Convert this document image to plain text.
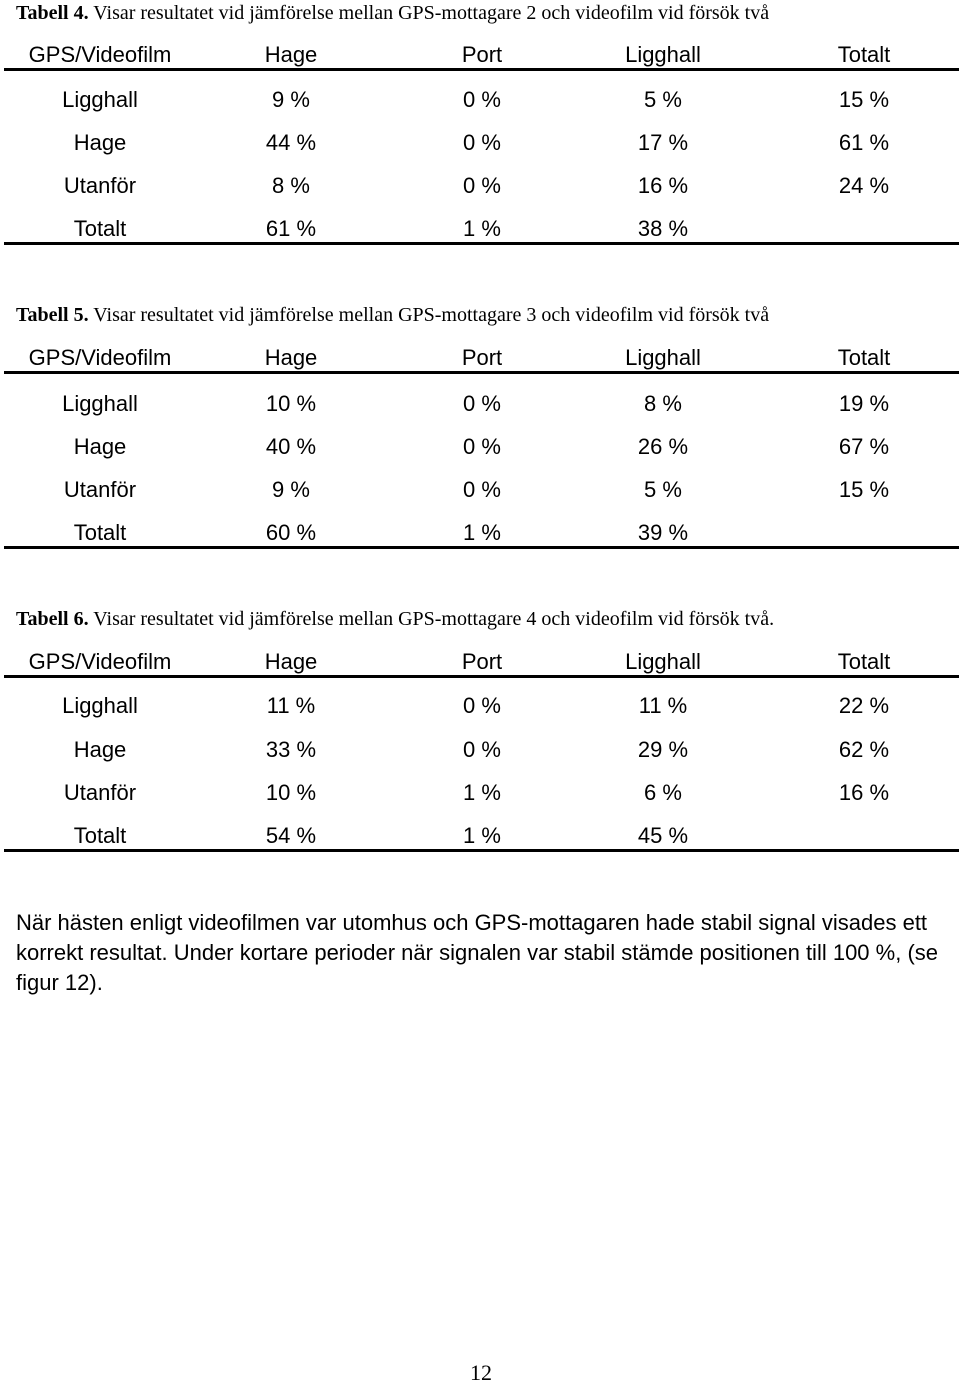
Tabell 4. Visar resultatet vid jämförelse mellan GPS-mottagare 2 och videofilm vid försök två
GPS/Videofilm	Hage	Port	Ligghall	Totalt
Ligghall	9 %	0 %	5 %	15 %
Hage	44 %	0 %	17 %	61 %
Utanför	8 %	0 %	16 %	24 %
Totalt	61 %	1 %	38 %
Tabell 5. Visar resultatet vid jämförelse mellan GPS-mottagare 3 och videofilm vid försök två
GPS/Videofilm	Hage	Port	Ligghall	Totalt
Ligghall	10 %	0 %	8 %	19 %
Hage	40 %	0 %	26 %	67 %
Utanför	9 %	0 %	5 %	15 %
Totalt	60 %	1 %	39 %
Tabell 6. Visar resultatet vid jämförelse mellan GPS-mottagare 4 och videofilm vid försök två.
GPS/Videofilm	Hage	Port	Ligghall	Totalt
Ligghall	11 %	0 %	11 %	22 %
Hage	33 %	0 %	29 %	62 %
Utanför	10 %	1 %	6 %	16 %
Totalt	54 %	1 %	45 %
När hästen enligt videofilmen var utomhus och GPS-mottagaren hade stabil signal visades ett korrekt resultat. Under kortare perioder när signalen var stabil stämde positionen till 100 %, (se figur 12).
12
